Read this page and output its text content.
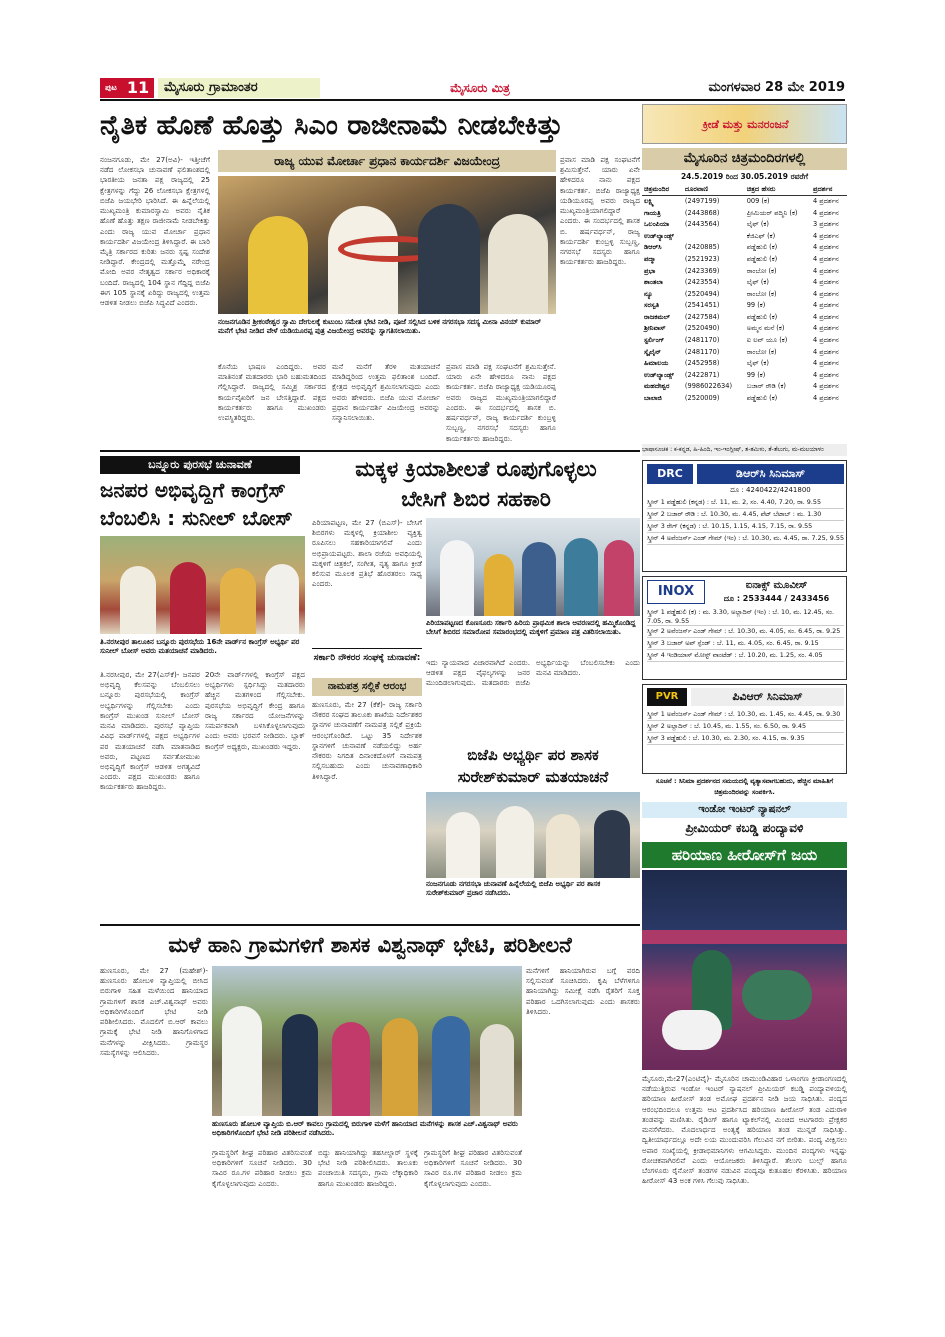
ಪುಟ 11	ಮೈಸೂರು ಗ್ರಾಮಾಂತರ	ಮೈಸೂರು ಮಿತ್ರ	ಮಂಗಳವಾರ 28 ಮೇ 2019
ನೈತಿಕ ಹೊಣೆ ಹೊತ್ತು ಸಿಎಂ ರಾಜೀನಾಮೆ ನೀಡಬೇಕಿತ್ತು
ರಾಜ್ಯ ಯುವ ಮೋರ್ಚಾ ಪ್ರಧಾನ ಕಾರ್ಯದರ್ಶಿ ವಿಜಯೇಂದ್ರ
ನಂಜನಗೂಡು, ಮೇ 27(ಅವಿ)- ಇತ್ತೀಚೆಗೆ ನಡೆದ ಲೋಕಸಭಾ ಚುನಾವಣೆ ಫಲಿತಾಂಶದಲ್ಲಿ ಭಾರತೀಯ ಜನತಾ ಪಕ್ಷ ರಾಜ್ಯದಲ್ಲಿ 25 ಕ್ಷೇತ್ರಗಳನ್ನು ಗೆದ್ದು 26 ಲೋಕಸಭಾ ಕ್ಷೇತ್ರಗಳಲ್ಲಿ ಬಿಜೆಪಿ ಜಯಭೇರಿ ಭಾರಿಸಿದೆ. ಈ ಹಿನ್ನೆಲೆಯಲ್ಲಿ ಮುಖ್ಯಮಂತ್ರಿ ಕುಮಾರಸ್ವಾಮಿ ಅವರು ನೈತಿಕ ಹೊಣೆ ಹೊತ್ತು ತಕ್ಷಣ ರಾಜೀನಾಮೆ ನೀಡಬೇಕಿತ್ತು ಎಂದು ರಾಜ್ಯ ಯುವ ಮೋರ್ಚಾ ಪ್ರಧಾನ ಕಾರ್ಯದರ್ಶಿ ವಿಜಯೇಂದ್ರ ತಿಳಿಸಿದ್ದಾರೆ. ಈ ಬಾರಿ ಮೈತ್ರಿ ಸರ್ಕಾರದ ಕುರಿತು ಜನರು ಸ್ಪಷ್ಟ ಸಂದೇಶ ನೀಡಿದ್ದಾರೆ. ಕೇಂದ್ರದಲ್ಲಿ ಮತ್ತೊಮ್ಮೆ ನರೇಂದ್ರ ಮೋದಿ ಅವರ ನೇತೃತ್ವದ ಸರ್ಕಾರ ಅಧಿಕಾರಕ್ಕೆ ಬಂದಿದೆ. ರಾಜ್ಯದಲ್ಲಿ 104 ಸ್ಥಾನ ಗೆದ್ದಿದ್ದ ಬಿಜೆಪಿ ಈಗ 105 ಸ್ಥಾನಕ್ಕೆ ಏರಿದ್ದು ರಾಜ್ಯದಲ್ಲಿ ಉತ್ತಮ ಆಡಳಿತ ನೀಡಲು ಬಿಜೆಪಿ ಸಿದ್ಧವಿದೆ ಎಂದರು.
ನಂಜನಗೂಡಿನ ಶ್ರೀಕಂಠೇಶ್ವರ ಸ್ವಾಮಿ ದೇಗುಲಕ್ಕೆ ಕುಟುಂಬ ಸಮೇತ ಭೇಟಿ ನೀಡಿ, ಪೂಜೆ ಸಲ್ಲಿಸಿದ ಬಳಿಕ ನಗರಸಭಾ ಸದಸ್ಯ ಮೀನಾ ವಿನಯ್ ಕುಮಾರ್ ಮನೆಗೆ ಭೇಟಿ ನೀಡಿದ ವೇಳೆ ಯಡಿಯೂರಪ್ಪ ಪುತ್ರ ವಿಜಯೇಂದ್ರ ಅವರನ್ನು ಸ್ವಾಗತಿಸಲಾಯಿತು.
ಕೊನೆಯ ಭಾಷಣ ಎಂದಿದ್ದರು. ಅವರ ಮಾತಿನಂತೆ ಮತದಾರರು ಭಾರಿ ಬಹುಮತದಿಂದ ಗೆಲ್ಲಿಸಿದ್ದಾರೆ. ರಾಜ್ಯದಲ್ಲಿ ಸಮ್ಮಿಶ್ರ ಸರ್ಕಾರದ ಕಾರ್ಯವೈಖರಿಗೆ ಜನ ಬೇಸತ್ತಿದ್ದಾರೆ. ಪಕ್ಷದ ಕಾರ್ಯಕರ್ತರು ಹಾಗೂ ಮುಖಂಡರು ಉಪಸ್ಥಿತರಿದ್ದರು.
ಮನೆ ಮನೆಗೆ ತೆರಳಿ ಮತಯಾಚನೆ ಮಾಡಿದ್ದರಿಂದ ಉತ್ತಮ ಫಲಿತಾಂಶ ಬಂದಿದೆ. ಕ್ಷೇತ್ರದ ಅಭಿವೃದ್ಧಿಗೆ ಶ್ರಮಿಸಲಾಗುವುದು ಎಂದು ಅವರು ಹೇಳಿದರು. ಬಿಜೆಪಿ ಯುವ ಮೋರ್ಚಾ ಪ್ರಧಾನ ಕಾರ್ಯದರ್ಶಿ ವಿಜಯೇಂದ್ರ ಅವರನ್ನು ಸನ್ಮಾನಿಸಲಾಯಿತು.
ಪ್ರವಾಸ ಮಾಡಿ ಪಕ್ಷ ಸಂಘಟನೆಗೆ ಶ್ರಮಿಸುತ್ತೇನೆ. ಯಾರು ಏನೇ ಹೇಳಿದರೂ ನಾನು ಪಕ್ಷದ ಕಾರ್ಯಕರ್ತ. ಬಿಜೆಪಿ ರಾಜ್ಯಾಧ್ಯಕ್ಷ ಯಡಿಯೂರಪ್ಪ ಅವರು ರಾಜ್ಯದ ಮುಖ್ಯಮಂತ್ರಿಯಾಗಲಿದ್ದಾರೆ ಎಂದರು. ಈ ಸಂದರ್ಭದಲ್ಲಿ ಶಾಸಕ ಬಿ. ಹರ್ಷವರ್ಧನ್, ರಾಜ್ಯ ಕಾರ್ಯದರ್ಶಿ ಕುಂಬ್ರಳ್ಳಿ ಸುಬ್ಬಣ್ಣ, ನಗರಸಭೆ ಸದಸ್ಯರು ಹಾಗೂ ಕಾರ್ಯಕರ್ತರು ಹಾಜರಿದ್ದರು.
ಪ್ರವಾಸ ಮಾಡಿ ಪಕ್ಷ ಸಂಘಟನೆಗೆ ಶ್ರಮಿಸುತ್ತೇನೆ. ಯಾರು ಏನೇ ಹೇಳಿದರೂ ನಾನು ಪಕ್ಷದ ಕಾರ್ಯಕರ್ತ. ಬಿಜೆಪಿ ರಾಜ್ಯಾಧ್ಯಕ್ಷ ಯಡಿಯೂರಪ್ಪ ಅವರು ರಾಜ್ಯದ ಮುಖ್ಯಮಂತ್ರಿಯಾಗಲಿದ್ದಾರೆ ಎಂದರು. ಈ ಸಂದರ್ಭದಲ್ಲಿ ಶಾಸಕ ಬಿ. ಹರ್ಷವರ್ಧನ್, ರಾಜ್ಯ ಕಾರ್ಯದರ್ಶಿ ಕುಂಬ್ರಳ್ಳಿ ಸುಬ್ಬಣ್ಣ, ನಗರಸಭೆ ಸದಸ್ಯರು ಹಾಗೂ ಕಾರ್ಯಕರ್ತರು ಹಾಜರಿದ್ದರು.
ಕ್ರೀಡೆ ಮತ್ತು ಮನರಂಜನೆ
ಮೈಸೂರಿನ ಚಿತ್ರಮಂದಿರಗಳಲ್ಲಿ
24.5.2019 ರಿಂದ 30.05.2019 ರವರೆಗೆ
ಚಿತ್ರಮಂದಿರ	ದೂರವಾಣಿ	ಚಿತ್ರದ ಹೆಸರು	ಪ್ರದರ್ಶನ
ಲಕ್ಷ್ಮಿ	(2497199)	009 (ಕ)	4 ಪ್ರದರ್ಶನ
ಗಾಯತ್ರಿ	(2443868)	ಪ್ರೀಮಿಯರ್ ಪದ್ಮಿನಿ (ಕ)	4 ಪ್ರದರ್ಶನ
ಒಲಂಪಿಯಾ	(2443564)	ಲೈಫ್ (ಕ)	3 ಪ್ರದರ್ಶನ
ಉಡ್‌ಲ್ಯಾಂಡ್ಸ್		ಕೆಜಿಎಫ್ (ಕ)	4 ಪ್ರದರ್ಶನ
ಡಿಆರ್‌ಸಿ	(2420885)	ಪಡ್ಡೆಹುಲಿ (ಕ)	4 ಪ್ರದರ್ಶನ
ಪದ್ಮಾ	(2521923)	ಪಡ್ಡೆಹುಲಿ (ಕ)	4 ಪ್ರದರ್ಶನ
ಪ್ರಭಾ	(2423369)	ರಾಂಬೋ (ಕ)	4 ಪ್ರದರ್ಶನ
ಶಾಂತಲಾ	(2423554)	ಲೈಫ್ (ಕ)	4 ಪ್ರದರ್ಶನ
ನ್ಯೂ	(2520494)	ರಾಂಬೋ (ಕ)	4 ಪ್ರದರ್ಶನ
ಸರಸ್ವತಿ	(2541451)	99 (ಕ)	4 ಪ್ರದರ್ಶನ
ರಾಜಕಮಲ್	(2427584)	ಪಡ್ಡೆಹುಲಿ (ಕ)	4 ಪ್ರದರ್ಶನ
ಶ್ರೀನಿವಾಸ್	(2520490)	ಅಮ್ಮನ ಮನೆ (ಕ)	4 ಪ್ರದರ್ಶನ
ಸ್ಟರ್ಲಿಂಗ್	(2481170)	ಐ ಲವ್ ಯೂ (ಕ)	4 ಪ್ರದರ್ಶನ
ಸ್ಕೈಲೈನ್	(2481170)	ರಾಂಬೋ (ಕ)	4 ಪ್ರದರ್ಶನ
ಹಿಮಾಲಯ	(2452958)	ಲೈಫ್ (ಕ)	4 ಪ್ರದರ್ಶನ
ಉಡ್‌ಲ್ಯಾಂಡ್ಸ್	(2422871)	99 (ಕ)	4 ಪ್ರದರ್ಶನ
ಮಹದೇಶ್ವರ	(9986022634)	ಬಜಾರ್ ರೌಡಿ (ಕ)	4 ಪ್ರದರ್ಶನ
ಬಾಲಾಜಿ	(2520009)	ಪಡ್ಡೆಹುಲಿ (ಕ)	4 ಪ್ರದರ್ಶನ
ಭಾಷಾಸೂಚಕ : ಕ-ಕನ್ನಡ, ಹಿ-ಹಿಂದಿ, ಇಂ-ಇಂಗ್ಲೀಷ್, ತ-ತಮಿಳು, ತೆ-ತೆಲುಗು, ಮ-ಮಲಯಾಳಂ
ಬನ್ನೂರು ಪುರಸಭೆ ಚುನಾವಣೆ
ಜನಪರ ಅಭಿವೃದ್ಧಿಗೆ ಕಾಂಗ್ರೆಸ್
ಬೆಂಬಲಿಸಿ : ಸುನೀಲ್ ಬೋಸ್
ತಿ.ನರಸೀಪುರ ತಾಲೂಕಿನ ಬನ್ನೂರು ಪುರಸಭೆಯ 16ನೇ ವಾರ್ಡ್‌ನ ಕಾಂಗ್ರೆಸ್ ಅಭ್ಯರ್ಥಿ ಪರ ಸುನೀಲ್ ಬೋಸ್ ಅವರು ಮತಯಾಚನೆ ಮಾಡಿದರು.
ತಿ.ನರಸೀಪುರ, ಮೇ 27(ಎಸ್‌ಕೆ)- ಜನಪರ ಅಭಿವೃದ್ಧಿ ಕೆಲಸವನ್ನು ಬೆಂಬಲಿಸಲು ಬನ್ನೂರು ಪುರಸಭೆಯಲ್ಲಿ ಕಾಂಗ್ರೆಸ್ ಅಭ್ಯರ್ಥಿಗಳನ್ನು ಗೆಲ್ಲಿಸಬೇಕು ಎಂದು ಕಾಂಗ್ರೆಸ್ ಮುಖಂಡ ಸುನೀಲ್ ಬೋಸ್ ಮನವಿ ಮಾಡಿದರು. ಪುರಸಭೆ ವ್ಯಾಪ್ತಿಯ ವಿವಿಧ ವಾರ್ಡ್‌ಗಳಲ್ಲಿ ಪಕ್ಷದ ಅಭ್ಯರ್ಥಿಗಳ ಪರ ಮತಯಾಚನೆ ನಡೆಸಿ ಮಾತನಾಡಿದ ಅವರು, ಪಟ್ಟಣದ ಸರ್ವತೋಮುಖ ಅಭಿವೃದ್ಧಿಗೆ ಕಾಂಗ್ರೆಸ್ ಆಡಳಿತ ಅಗತ್ಯವಿದೆ ಎಂದರು. ಪಕ್ಷದ ಮುಖಂಡರು ಹಾಗೂ ಕಾರ್ಯಕರ್ತರು ಹಾಜರಿದ್ದರು.
20ನೇ ವಾರ್ಡ್‌ಗಳಲ್ಲಿ ಕಾಂಗ್ರೆಸ್ ಪಕ್ಷದ ಅಭ್ಯರ್ಥಿಗಳು ಸ್ಪರ್ಧಿಸಿದ್ದು ಮತದಾರರು ಹೆಚ್ಚಿನ ಮತಗಳಿಂದ ಗೆಲ್ಲಿಸಬೇಕು. ಪುರಸಭೆಯ ಅಭಿವೃದ್ಧಿಗೆ ಕೇಂದ್ರ ಹಾಗೂ ರಾಜ್ಯ ಸರ್ಕಾರದ ಯೋಜನೆಗಳನ್ನು ಸಮರ್ಪಕವಾಗಿ ಬಳಸಿಕೊಳ್ಳಲಾಗುವುದು ಎಂದು ಅವರು ಭರವಸೆ ನೀಡಿದರು. ಬ್ಲಾಕ್ ಕಾಂಗ್ರೆಸ್ ಅಧ್ಯಕ್ಷರು, ಮುಖಂಡರು ಇದ್ದರು.
ಮಕ್ಕಳ ಕ್ರಿಯಾಶೀಲತೆ ರೂಪುಗೊಳ್ಳಲು
ಬೇಸಿಗೆ ಶಿಬಿರ ಸಹಕಾರಿ
ಪಿರಿಯಾಪಟ್ಟಣ, ಮೇ 27 (ಬಿಎಸ್)- ಬೇಸಿಗೆ ಶಿಬಿರಗಳು ಮಕ್ಕಳಲ್ಲಿ ಕ್ರಿಯಾಶೀಲ ವ್ಯಕ್ತಿತ್ವ ರೂಪಿಸಲು ಸಹಕಾರಿಯಾಗಲಿವೆ ಎಂದು ಅಭಿಪ್ರಾಯಪಟ್ಟರು. ಶಾಲಾ ರಜೆಯ ಅವಧಿಯಲ್ಲಿ ಮಕ್ಕಳಿಗೆ ಚಿತ್ರಕಲೆ, ಸಂಗೀತ, ನೃತ್ಯ ಹಾಗೂ ಕ್ರೀಡೆ ಕಲಿಸುವ ಮೂಲಕ ಪ್ರತಿಭೆ ಹೊರತರಲು ಸಾಧ್ಯ ಎಂದರು.
ಪಿರಿಯಾಪಟ್ಟಣದ ಕೊಣಸೂರು ಸರ್ಕಾರಿ ಹಿರಿಯ ಪ್ರಾಥಮಿಕ ಶಾಲಾ ಆವರಣದಲ್ಲಿ ಹಮ್ಮಿಕೊಂಡಿದ್ದ ಬೇಸಿಗೆ ಶಿಬಿರದ ಸಮಾರೋಪ ಸಮಾರಂಭದಲ್ಲಿ ಮಕ್ಕಳಿಗೆ ಪ್ರಮಾಣ ಪತ್ರ ವಿತರಿಸಲಾಯಿತು.
ಸರ್ಕಾರಿ ನೌಕರರ ಸಂಘಕ್ಕೆ ಚುನಾವಣೆ:
ನಾಮಪತ್ರ ಸಲ್ಲಿಕೆ ಆರಂಭ
ಹುಣಸೂರು, ಮೇ 27 (ಕೆಕೆ)- ರಾಜ್ಯ ಸರ್ಕಾರಿ ನೌಕರರ ಸಂಘದ ತಾಲೂಕು ಶಾಖೆಯ ನಿರ್ದೇಶಕರ ಸ್ಥಾನಗಳ ಚುನಾವಣೆಗೆ ನಾಮಪತ್ರ ಸಲ್ಲಿಕೆ ಪ್ರಕ್ರಿಯೆ ಆರಂಭಗೊಂಡಿದೆ. ಒಟ್ಟು 35 ನಿರ್ದೇಶಕ ಸ್ಥಾನಗಳಿಗೆ ಚುನಾವಣೆ ನಡೆಯಲಿದ್ದು ಅರ್ಹ ನೌಕರರು ನಿಗದಿತ ದಿನಾಂಕದೊಳಗೆ ನಾಮಪತ್ರ ಸಲ್ಲಿಸಬಹುದು ಎಂದು ಚುನಾವಣಾಧಿಕಾರಿ ತಿಳಿಸಿದ್ದಾರೆ.
ಇದು ನ್ಯಾಯವಾದ ವಿಚಾರವಾಗಿದೆ ಎಂದರು. ಆಡಳಿತ ಪಕ್ಷದ ವೈಫಲ್ಯಗಳನ್ನು ಜನರ ಮುಂದಿಡಲಾಗುವುದು. ಮತದಾರರು ಬಿಜೆಪಿ ಅಭ್ಯರ್ಥಿಯನ್ನು ಬೆಂಬಲಿಸಬೇಕು ಎಂದು ಮನವಿ ಮಾಡಿದರು.
ಬಿಜೆಪಿ ಅಭ್ಯರ್ಥಿ ಪರ ಶಾಸಕ
ಸುರೇಶ್‌ಕುಮಾರ್ ಮತಯಾಚನೆ
ನಂಜನಗೂಡು ನಗರಸಭಾ ಚುನಾವಣೆ ಹಿನ್ನೆಲೆಯಲ್ಲಿ ಬಿಜೆಪಿ ಅಭ್ಯರ್ಥಿ ಪರ ಶಾಸಕ ಸುರೇಶ್‌ಕುಮಾರ್ ಪ್ರಚಾರ ನಡೆಸಿದರು.
DRC	ಡಿಆರ್‌ಸಿ ಸಿನಿಮಾಸ್
ದೂ : 4240422/4241800
ಸ್ಕ್ರೀನ್ 1 ಪಡ್ಡೆಹುಲಿ (ಕನ್ನಡ) : ಬೆ. 11, ಮ. 2, ಸಂ. 4.40, 7.20, ರಾ. 9.55
ಸ್ಕ್ರೀನ್ 2 ಬಜಾರ್ ರೌಡಿ : ಬೆ. 10.30, ಮ. 4.45, ಪೆಟ್ ಬೆಟಾಬ್ : ಮ. 1.30
ಸ್ಕ್ರೀನ್ 3 ರೇಗ್ (ಕನ್ನಡ) : ಬೆ. 10.15, 1.15, 4.15, 7.15, ರಾ. 9.55
ಸ್ಕ್ರೀನ್ 4 ಅವೆಂಜರ್ಸ್ ಎಂಡ್ ಗೇಮ್ (ಇಂ) : ಬೆ. 10.30, ಮ. 4.45, ರಾ. 7.25, 9.55
INOX	ಐನಾಕ್ಸ್ ಮೂವೀಸ್
ದೂ : 2533444 / 2433456
ಸ್ಕ್ರೀನ್ 1 ಪಡ್ಡೆಹುಲಿ (ಕ) : ಮ. 3.30, ಅಲ್ಲಾದಿನ್ (ಇಂ) : ಬೆ. 10, ಮ. 12.45, ಸಂ. 7.05, ರಾ. 9.55
ಸ್ಕ್ರೀನ್ 2 ಅವೆಂಜರ್ಸ್ ಎಂಡ್ ಗೇಮ್ : ಬೆ. 10.30, ಮ. 4.05, ಸಂ. 6.45, ರಾ. 9.25
ಸ್ಕ್ರೀನ್ 3 ಬಜಾರ್ ಅಪ್ ಸ್ಪೆಂಡ್ : ಬೆ. 11, ಮ. 4.05, ಸಂ. 6.45, ರಾ. 9.15
ಸ್ಕ್ರೀನ್ 4 ಇಂಡಿಯಾಸ್ ಮೋಸ್ಟ್ ವಾಂಟೆಡ್ : ಬೆ. 10.20, ಮ. 1.25, ಸಂ. 4.05
PVR	ಪಿವಿಆರ್ ಸಿನಿಮಾಸ್
ಸ್ಕ್ರೀನ್ 1 ಅವೆಂಜರ್ಸ್ ಎಂಡ್ ಗೇಮ್ : ಬೆ. 10.30, ಮ. 1.45, ಸಂ. 4.45, ರಾ. 9.30
ಸ್ಕ್ರೀನ್ 2 ಅಲ್ಲಾದಿನ್ : ಬೆ. 10.45, ಮ. 1.55, ಸಂ. 6.50, ರಾ. 9.45
ಸ್ಕ್ರೀನ್ 3 ಪಡ್ಡೆಹುಲಿ : ಬೆ. 10.30, ಮ. 2.30, ಸಂ. 4.15, ರಾ. 9.35
ಸೂಚನೆ : ಸಿನಿಮಾ ಪ್ರದರ್ಶನದ ಸಮಯದಲ್ಲಿ ವ್ಯತ್ಯಾಸವಾಗಬಹುದು, ಹೆಚ್ಚಿನ ಮಾಹಿತಿಗೆ ಚಿತ್ರಮಂದಿರವನ್ನು ಸಂಪರ್ಕಿಸಿ.
ಇಂಡೋ ಇಂಟರ್ ನ್ಯಾಷನಲ್
ಪ್ರೀಮಿಯರ್ ಕಬಡ್ಡಿ ಪಂದ್ಯಾವಳಿ
ಹರಿಯಾಣ ಹೀರೋಸ್‌ಗೆ ಜಯ
ಮೈಸೂರು,ಮೇ27(ಎಂಟಿವೈ)- ಮೈಸೂರಿನ ಚಾಮುಂಡಿವಿಹಾರ ಒಳಾಂಗಣ ಕ್ರೀಡಾಂಗಣದಲ್ಲಿ ನಡೆಯುತ್ತಿರುವ ಇಂಡೋ ಇಂಟರ್ ನ್ಯಾಷನಲ್ ಪ್ರೀಮಿಯರ್ ಕಬಡ್ಡಿ ಪಂದ್ಯಾವಳಿಯಲ್ಲಿ ಹರಿಯಾಣ ಹೀರೋಸ್ ತಂಡ ಅಮೋಘ ಪ್ರದರ್ಶನ ನೀಡಿ ಜಯ ಸಾಧಿಸಿತು. ಪಂದ್ಯದ ಆರಂಭದಿಂದಲೂ ಉತ್ತಮ ಆಟ ಪ್ರದರ್ಶಿಸಿದ ಹರಿಯಾಣ ಹೀರೋಸ್ ತಂಡ ಎದುರಾಳಿ ತಂಡವನ್ನು ಮಣಿಸಿತು. ರೈಡಿಂಗ್ ಹಾಗೂ ಟ್ಯಾಕಲ್‌ನಲ್ಲಿ ಮಿಂಚಿದ ಆಟಗಾರರು ಪ್ರೇಕ್ಷಕರ ಮನಸೆಳೆದರು. ಮೊದಲಾರ್ಧದ ಅಂತ್ಯಕ್ಕೆ ಹರಿಯಾಣ ತಂಡ ಮುನ್ನಡೆ ಸಾಧಿಸಿತ್ತು. ದ್ವಿತೀಯಾರ್ಧದಲ್ಲೂ ಅದೇ ಲಯ ಮುಂದುವರಿಸಿ ಗೆಲುವಿನ ನಗೆ ಬೀರಿತು. ಪಂದ್ಯ ವೀಕ್ಷಿಸಲು ಅಪಾರ ಸಂಖ್ಯೆಯಲ್ಲಿ ಕ್ರೀಡಾಭಿಮಾನಿಗಳು ಆಗಮಿಸಿದ್ದರು. ಮುಂದಿನ ಪಂದ್ಯಗಳು ಇನ್ನಷ್ಟು ರೋಚಕವಾಗಿರಲಿವೆ ಎಂದು ಆಯೋಜಕರು ತಿಳಿಸಿದ್ದಾರೆ. ತೆಲುಗು ಬುಲ್ಸ್ ಹಾಗೂ ಬೆಂಗಳೂರು ರೈನೋಸ್ ತಂಡಗಳ ನಡುವಿನ ಪಂದ್ಯವೂ ಕುತೂಹಲ ಕೆರಳಿಸಿತು. ಹರಿಯಾಣ ಹೀರೋಸ್ 43 ಅಂಕ ಗಳಿಸಿ ಗೆಲುವು ಸಾಧಿಸಿತು.
ಮಳೆ ಹಾನಿ ಗ್ರಾಮಗಳಿಗೆ ಶಾಸಕ ವಿಶ್ವನಾಥ್ ಭೇಟಿ, ಪರಿಶೀಲನೆ
ಹುಣಸೂರು, ಮೇ 27 (ಮಹೇಶ್)- ಹುಣಸೂರು ಹೋಬಳಿ ವ್ಯಾಪ್ತಿಯಲ್ಲಿ ಬೀಸಿದ ಬಿರುಗಾಳಿ ಸಹಿತ ಮಳೆಯಿಂದ ಹಾನಿಯಾದ ಗ್ರಾಮಗಳಿಗೆ ಶಾಸಕ ಎಚ್.ವಿಶ್ವನಾಥ್ ಅವರು ಅಧಿಕಾರಿಗಳೊಂದಿಗೆ ಭೇಟಿ ನೀಡಿ ಪರಿಶೀಲಿಸಿದರು. ಮೊದಲಿಗೆ ಬಿ.ಆರ್ ಕಾವಲು ಗ್ರಾಮಕ್ಕೆ ಭೇಟಿ ನೀಡಿ ಹಾನಿಗೊಳಗಾದ ಮನೆಗಳನ್ನು ವೀಕ್ಷಿಸಿದರು. ಗ್ರಾಮಸ್ಥರ ಸಮಸ್ಯೆಗಳನ್ನು ಆಲಿಸಿದರು.
ಹುಣಸೂರು ಹೋಬಳಿ ವ್ಯಾಪ್ತಿಯ ಬಿ.ಆರ್ ಕಾವಲು ಗ್ರಾಮದಲ್ಲಿ ಬಿರುಗಾಳಿ ಮಳೆಗೆ ಹಾನಿಯಾದ ಮನೆಗಳನ್ನು ಶಾಸಕ ಎಚ್.ವಿಶ್ವನಾಥ್ ಅವರು ಅಧಿಕಾರಿಗಳೊಂದಿಗೆ ಭೇಟಿ ನೀಡಿ ಪರಿಶೀಲನೆ ನಡೆಸಿದರು.
ಗ್ರಾಮಸ್ಥರಿಗೆ ಶೀಘ್ರ ಪರಿಹಾರ ವಿತರಿಸುವಂತೆ ಅಧಿಕಾರಿಗಳಿಗೆ ಸೂಚನೆ ನೀಡಿದರು. 30 ಸಾವಿರ ರೂ.ಗಳ ಪರಿಹಾರ ನೀಡಲು ಕ್ರಮ ಕೈಗೊಳ್ಳಲಾಗುವುದು ಎಂದರು.
ಬಿದ್ದು ಹಾನಿಯಾಗಿದ್ದು ತಹಸೀಲ್ದಾರ್ ಸ್ಥಳಕ್ಕೆ ಭೇಟಿ ನೀಡಿ ಪರಿಶೀಲಿಸಿದರು. ತಾಲೂಕು ಪಂಚಾಯಿತಿ ಸದಸ್ಯರು, ಗ್ರಾಮ ಲೆಕ್ಕಾಧಿಕಾರಿ ಹಾಗೂ ಮುಖಂಡರು ಹಾಜರಿದ್ದರು.
ಗ್ರಾಮಸ್ಥರಿಗೆ ಶೀಘ್ರ ಪರಿಹಾರ ವಿತರಿಸುವಂತೆ ಅಧಿಕಾರಿಗಳಿಗೆ ಸೂಚನೆ ನೀಡಿದರು. 30 ಸಾವಿರ ರೂ.ಗಳ ಪರಿಹಾರ ನೀಡಲು ಕ್ರಮ ಕೈಗೊಳ್ಳಲಾಗುವುದು ಎಂದರು.
ಮನೆಗಳಿಗೆ ಹಾನಿಯಾಗಿರುವ ಬಗ್ಗೆ ವರದಿ ಸಲ್ಲಿಸುವಂತೆ ಸೂಚಿಸಿದರು. ಕೃಷಿ ಬೆಳೆಗಳಿಗೂ ಹಾನಿಯಾಗಿದ್ದು ಸಮೀಕ್ಷೆ ನಡೆಸಿ ರೈತರಿಗೆ ಸೂಕ್ತ ಪರಿಹಾರ ಒದಗಿಸಲಾಗುವುದು ಎಂದು ಶಾಸಕರು ತಿಳಿಸಿದರು.
